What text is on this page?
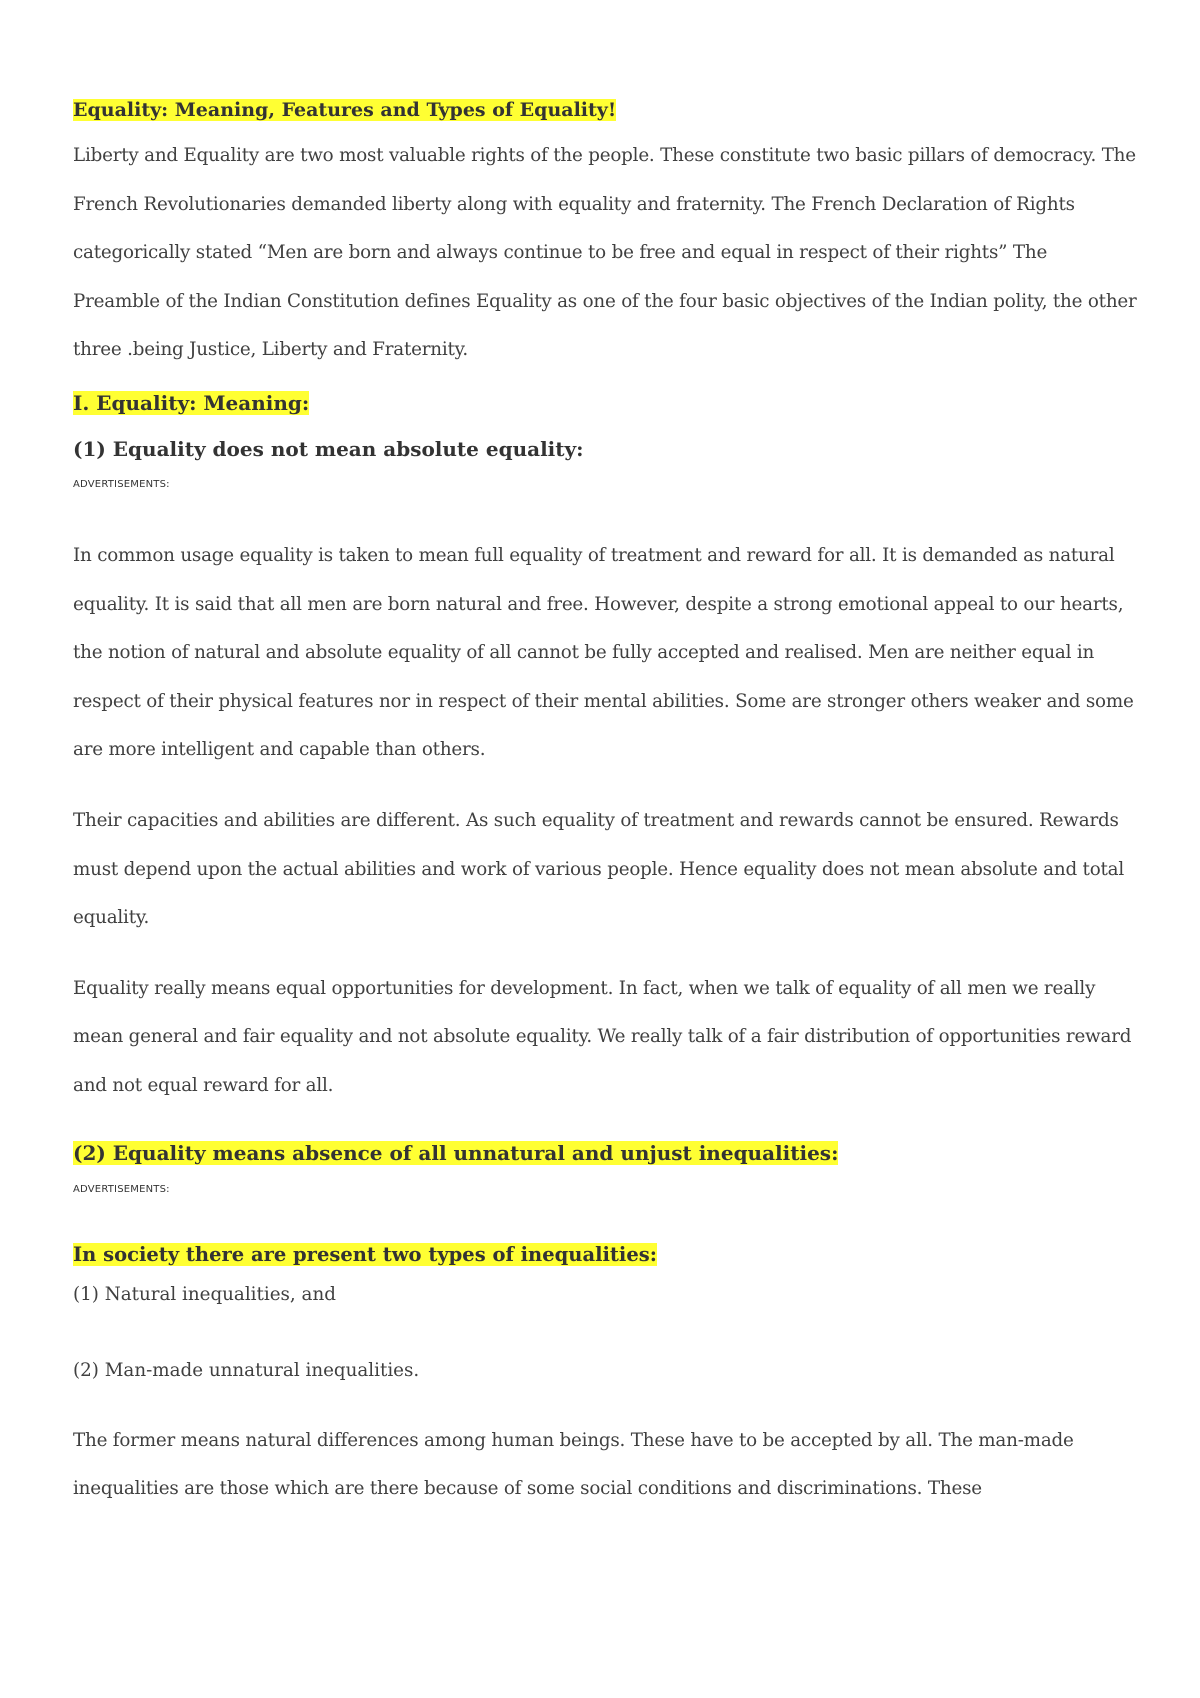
Equality: Meaning, Features and Types of Equality!

Liberty and Equality are two most valuable rights of the people. These constitute two basic pillars of democracy. The French Revolutionaries demanded liberty along with equality and fraternity. The French Declaration of Rights categorically stated “Men are born and always continue to be free and equal in respect of their rights” The Preamble of the Indian Constitution defines Equality as one of the four basic objectives of the Indian polity, the other three .being Justice, Liberty and Fraternity.

I. Equality: Meaning:

(1) Equality does not mean absolute equality:

ADVERTISEMENTS:

In common usage equality is taken to mean full equality of treatment and reward for all. It is demanded as natural equality. It is said that all men are born natural and free. However, despite a strong emotional appeal to our hearts, the notion of natural and absolute equality of all cannot be fully accepted and realised. Men are neither equal in respect of their physical features nor in respect of their mental abilities. Some are stronger others weaker and some are more intelligent and capable than others.

Their capacities and abilities are different. As such equality of treatment and rewards cannot be ensured. Rewards must depend upon the actual abilities and work of various people. Hence equality does not mean absolute and total equality.

Equality really means equal opportunities for development. In fact, when we talk of equality of all men we really mean general and fair equality and not absolute equality. We really talk of a fair distribution of opportunities reward and not equal reward for all.

(2) Equality means absence of all unnatural and unjust inequalities:

ADVERTISEMENTS:

In society there are present two types of inequalities:

(1) Natural inequalities, and

(2) Man-made unnatural inequalities.

The former means natural differences among human beings. These have to be accepted by all. The man-made inequalities are those which are there because of some social conditions and discriminations. These
